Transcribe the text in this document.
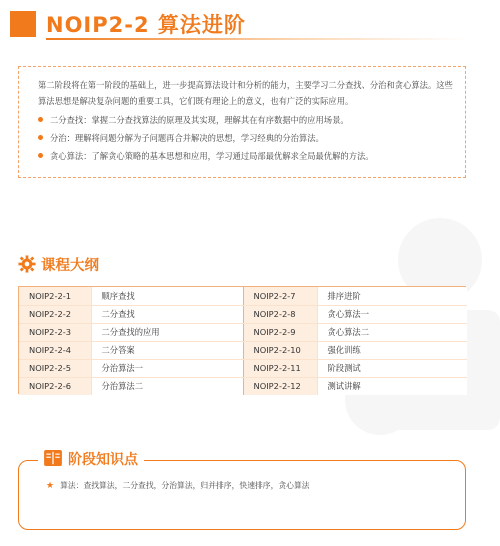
NOIP2-2 算法进阶
第二阶段将在第一阶段的基础上，进一步提高算法设计和分析的能力，主要学习二分查找、分治和贪心算法。这些算法思想是解决复杂问题的重要工具，它们既有理论上的意义，也有广泛的实际应用。
二分查找：掌握二分查找算法的原理及其实现，理解其在有序数据中的应用场景。
分治：理解将问题分解为子问题再合并解决的思想，学习经典的分治算法。
贪心算法：了解贪心策略的基本思想和应用，学习通过局部最优解求全局最优解的方法。
课程大纲
NOIP2-2-1	顺序查找	NOIP2-2-7	排序进阶
NOIP2-2-2	二分查找	NOIP2-2-8	贪心算法一
NOIP2-2-3	二分查找的应用	NOIP2-2-9	贪心算法二
NOIP2-2-4	二分答案	NOIP2-2-10	强化训练
NOIP2-2-5	分治算法一	NOIP2-2-11	阶段测试
NOIP2-2-6	分治算法二	NOIP2-2-12	测试讲解
阶段知识点
★ 算法：查找算法，二分查找，分治算法，归并排序，快速排序，贪心算法
